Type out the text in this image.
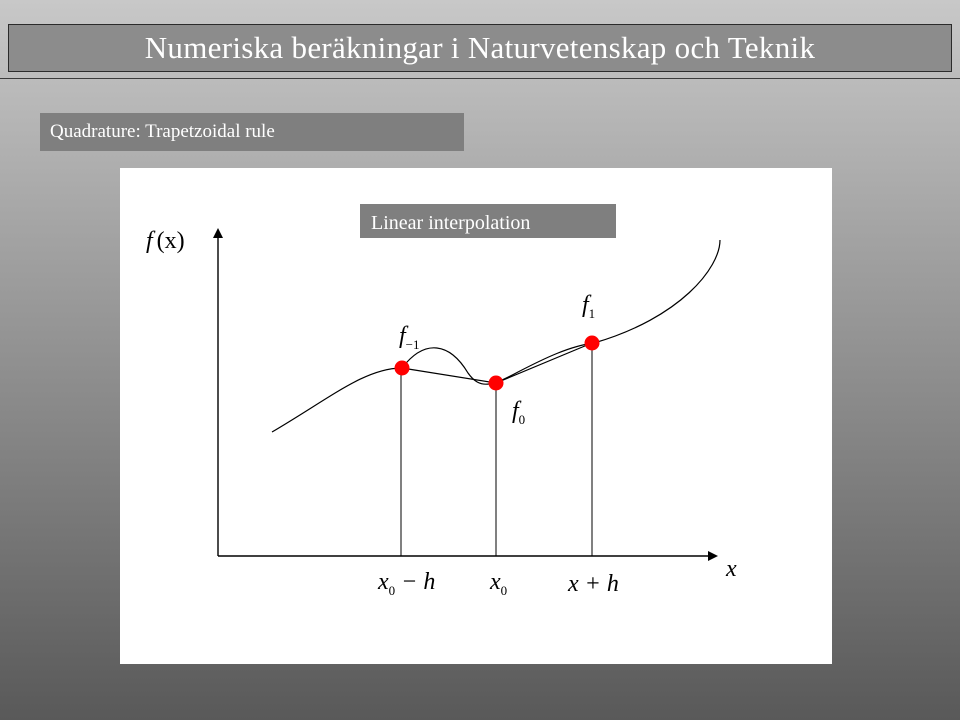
Numeriska beräkningar i Naturvetenskap och Teknik
Quadrature: Trapetzoidal rule
Linear interpolation
f (x)
x
$f_{-1}$
$f_0$
$f_1$
$x_0 - h$ $x_0$	x + h
